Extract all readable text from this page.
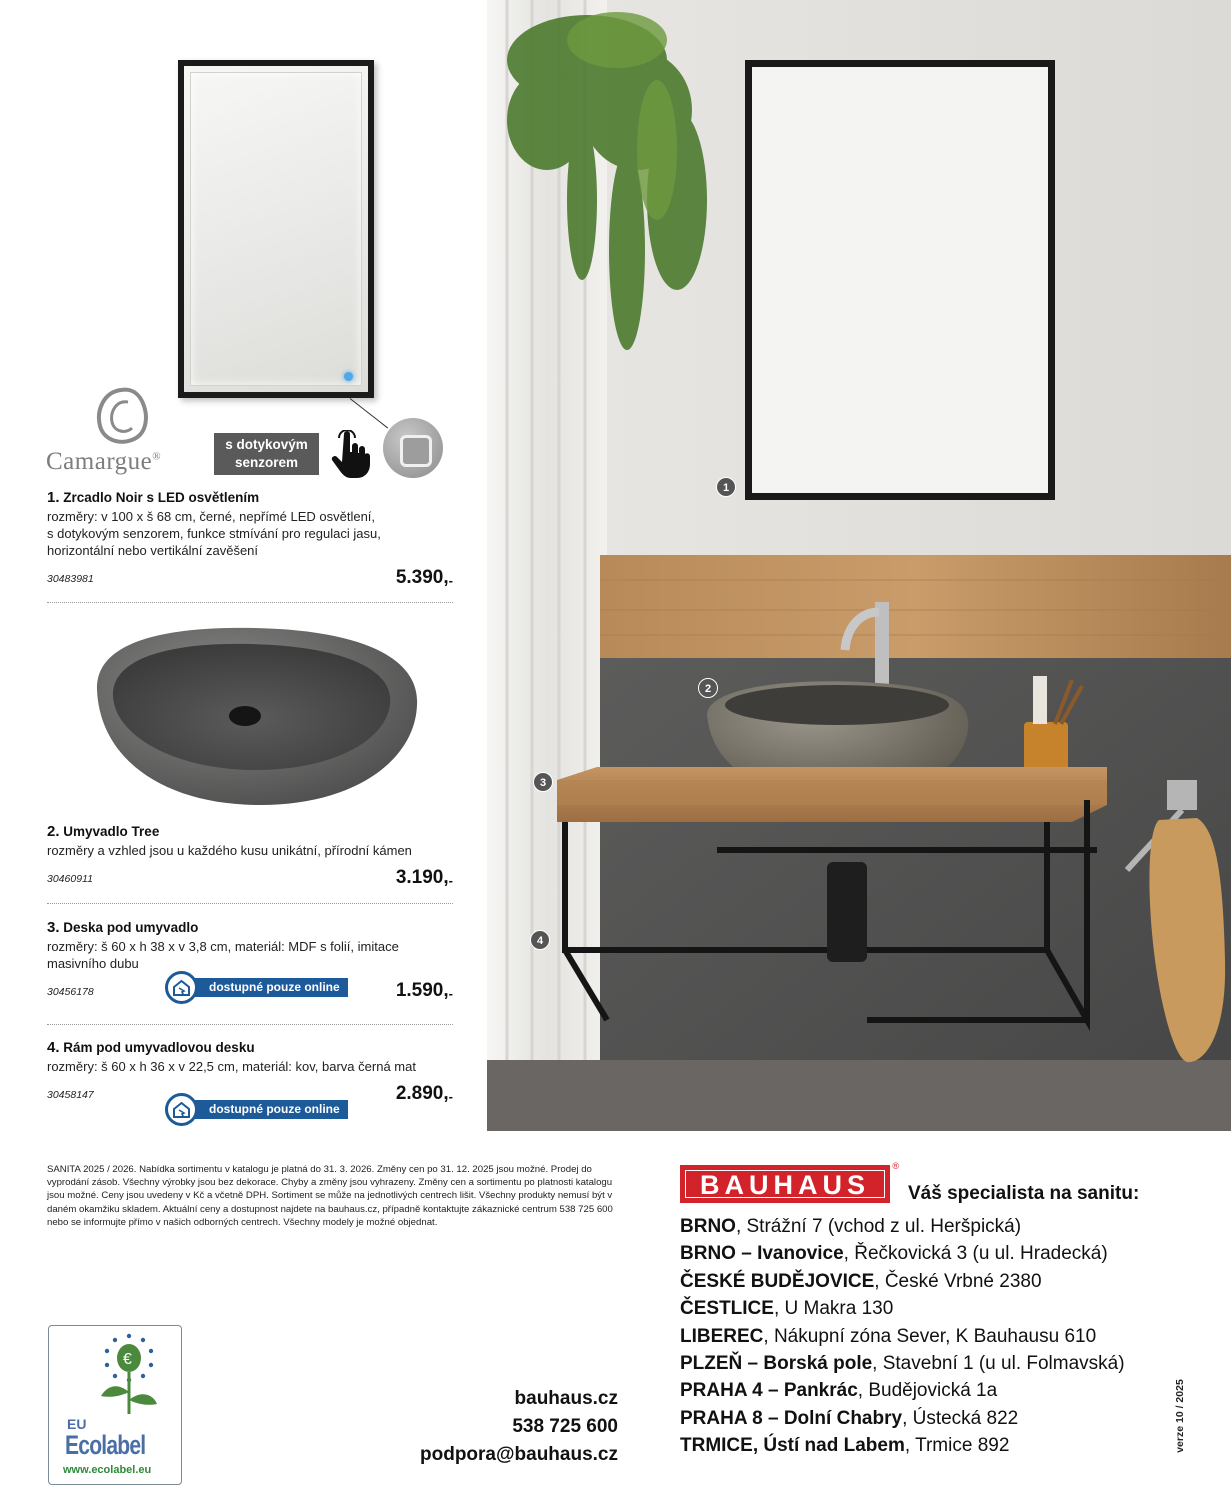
Camargue®
s dotykovým
senzorem
1. Zrcadlo Noir s LED osvětlením
rozměry: v 100 x š 68 cm, černé, nepřímé LED osvětlení,
s dotykovým senzorem, funkce stmívání pro regulaci jasu,
horizontální nebo vertikální zavěšení
30483981	5.390,-
2. Umyvadlo Tree
rozměry a vzhled jsou u každého kusu unikátní, přírodní kámen
30460911	3.190,-
3. Deska pod umyvadlo
rozměry: š 60 x h 38 x v 3,8 cm, materiál: MDF s folií, imitace
masivního dubu
30456178	1.590,-
dostupné pouze online
4. Rám pod umyvadlovou desku
rozměry: š 60 x h 36 x v 22,5 cm, materiál: kov, barva černá mat
30458147	2.890,-
dostupné pouze online
1
2
3
4
SANITA 2025 / 2026. Nabídka sortimentu v katalogu je platná do 31. 3. 2026. Změny cen po 31. 12. 2025 jsou možné. Prodej do vyprodání zásob. Všechny výrobky jsou bez dekorace. Chyby a změny jsou vyhrazeny. Změny cen a sortimentu po platnosti katalogu jsou možné. Ceny jsou uvedeny v Kč a včetně DPH. Sortiment se může na jednotlivých centrech lišit. Všechny produkty nemusí být v daném okamžiku skladem. Aktuální ceny a dostupnost najdete na bauhaus.cz, případně kontaktujte zákaznické centrum 538 725 600 nebo se informujte přímo v našich odborných centrech. Všechny modely je možné objednat.
€
EU
Ecolabel
www.ecolabel.eu
bauhaus.cz
538 725 600
podpora@bauhaus.cz
BAUHAUS
®
Váš specialista na sanitu:
BRNO, Strážní 7 (vchod z ul. Heršpická)
BRNO – Ivanovice, Řečkovická 3 (u ul. Hradecká)
ČESKÉ BUDĚJOVICE, České Vrbné 2380
ČESTLICE, U Makra 130
LIBEREC, Nákupní zóna Sever, K Bauhausu 610
PLZEŇ – Borská pole, Stavební 1 (u ul. Folmavská)
PRAHA 4 – Pankrác, Budějovická 1a
PRAHA 8 – Dolní Chabry, Ústecká 822
TRMICE, Ústí nad Labem, Trmice 892	verze 10 / 2025
